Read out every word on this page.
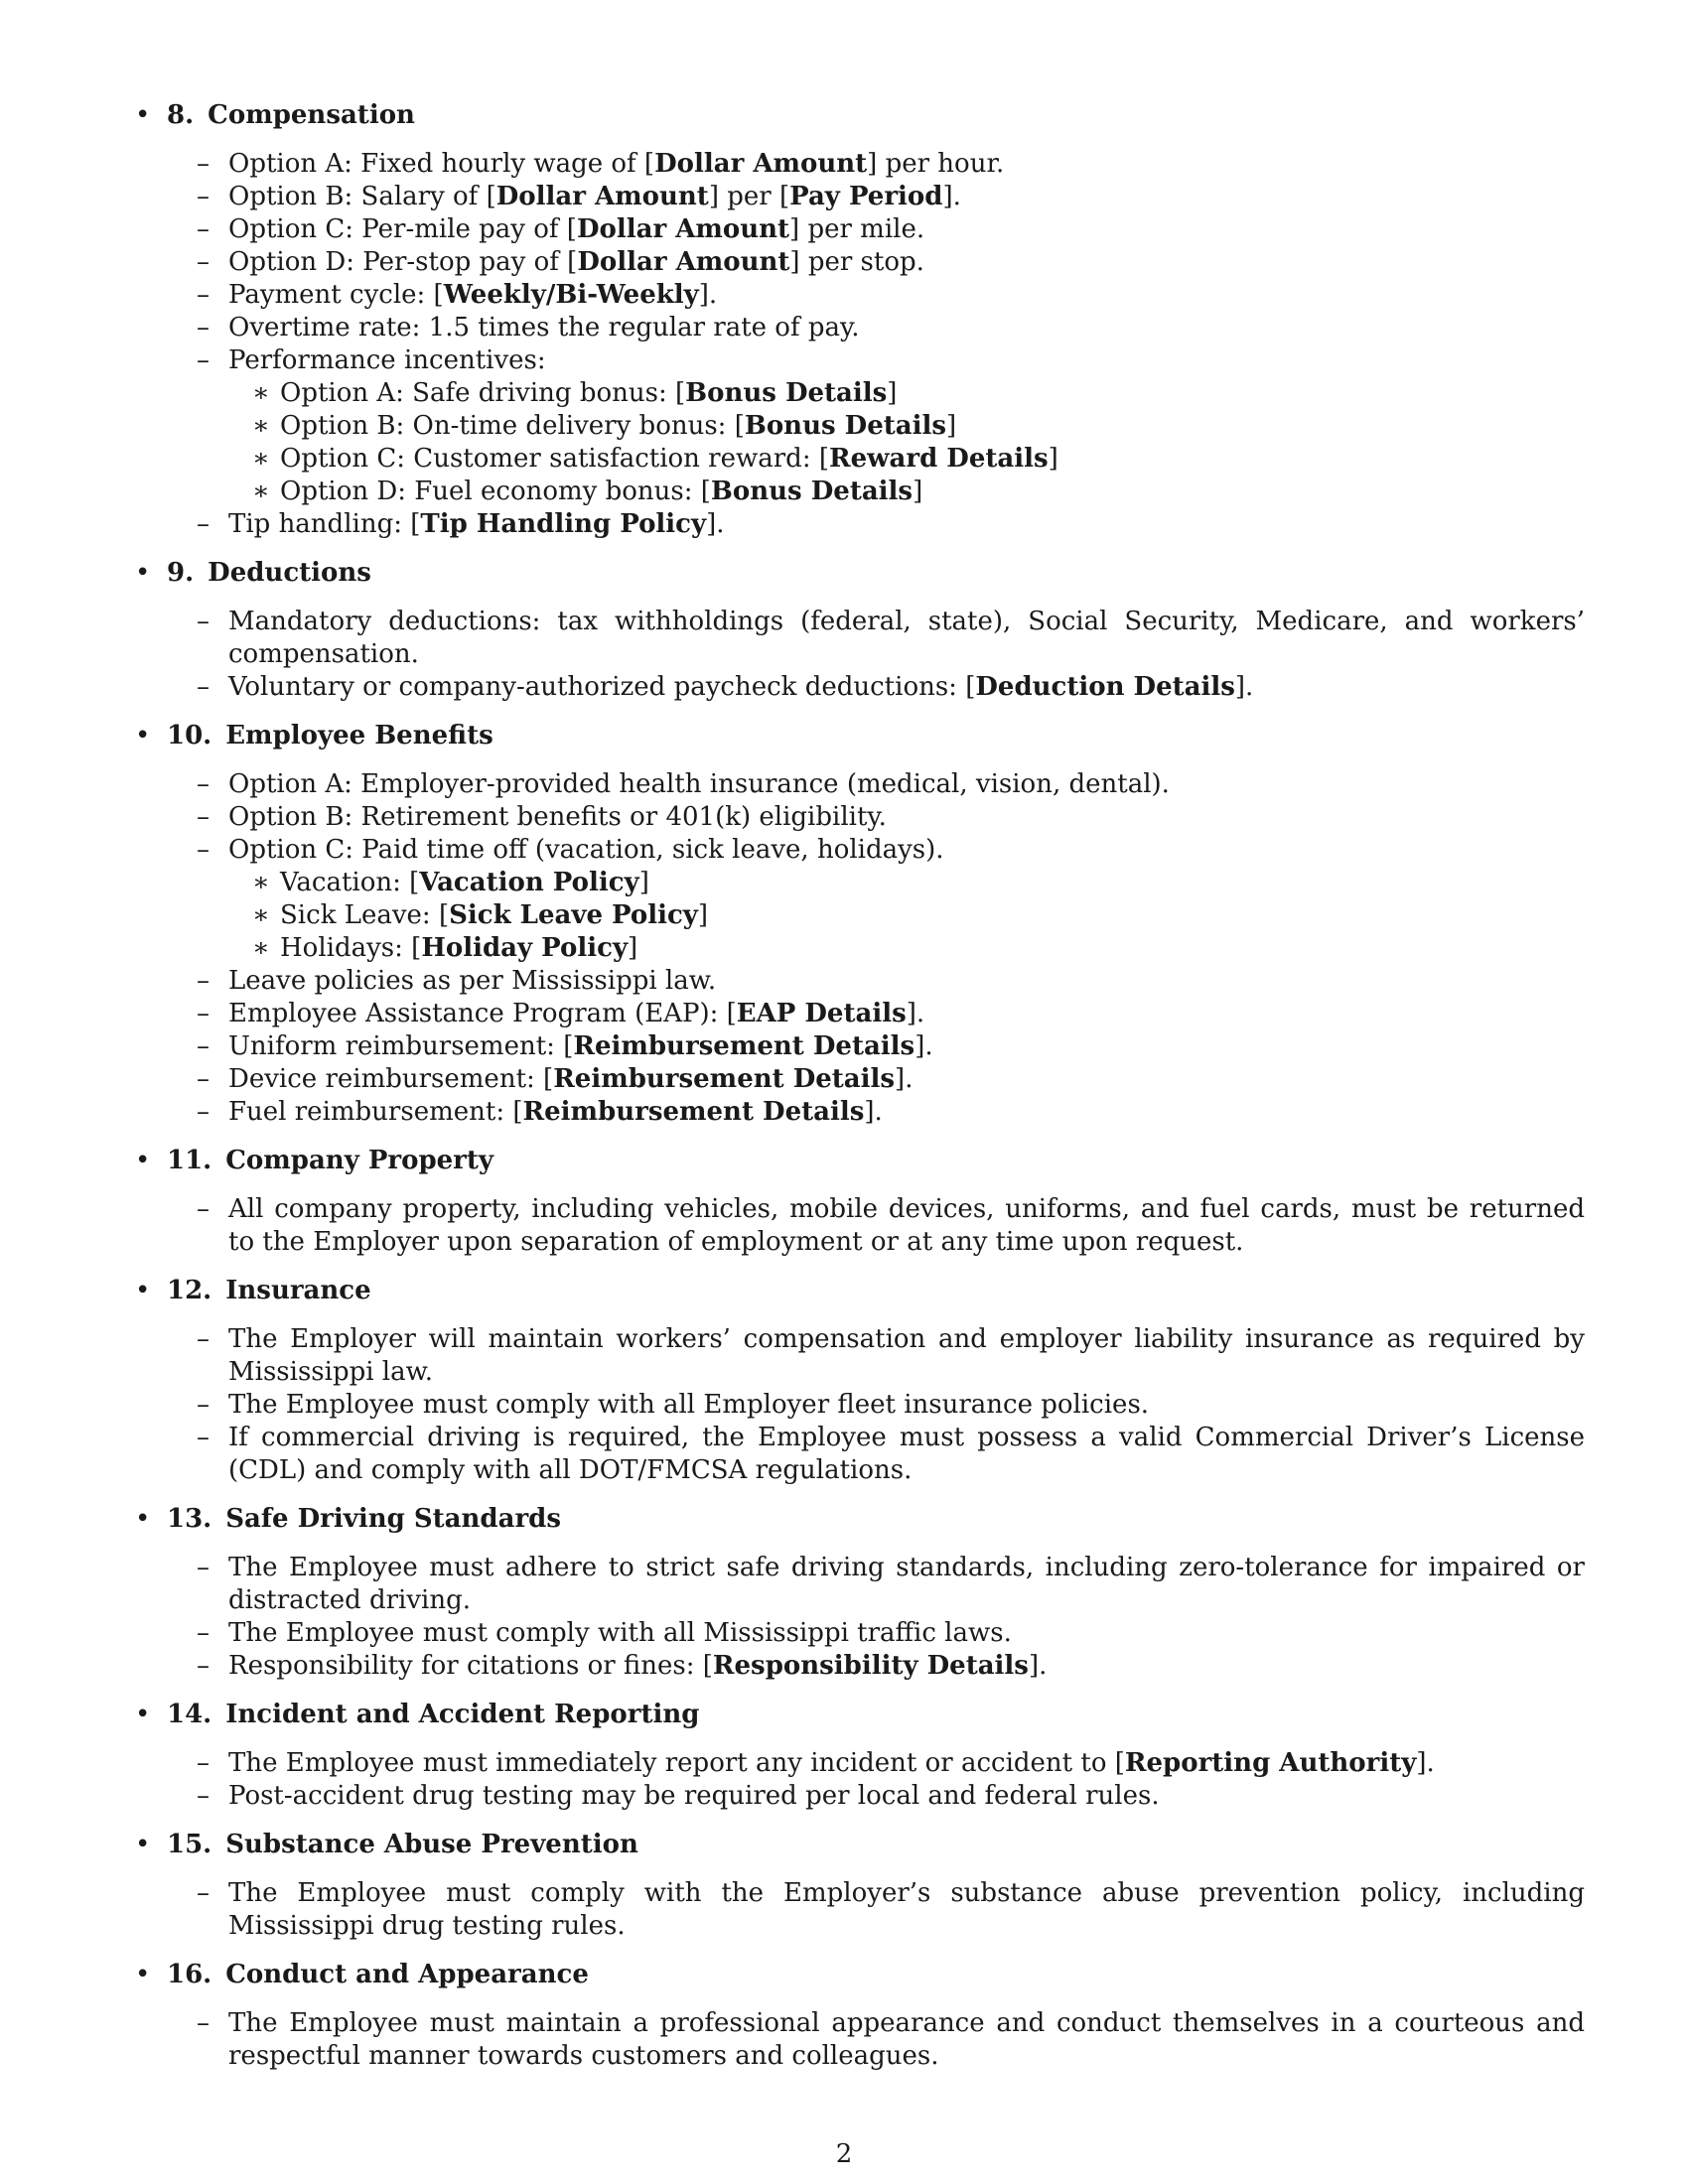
• 8. Compensation
– Option A: Fixed hourly wage of [Dollar Amount] per hour.
– Option B: Salary of [Dollar Amount] per [Pay Period].
– Option C: Per-mile pay of [Dollar Amount] per mile.
– Option D: Per-stop pay of [Dollar Amount] per stop.
– Payment cycle: [Weekly/Bi-Weekly].
– Overtime rate: 1.5 times the regular rate of pay.
– Performance incentives:
∗ Option A: Safe driving bonus: [Bonus Details]
∗ Option B: On-time delivery bonus: [Bonus Details]
∗ Option C: Customer satisfaction reward: [Reward Details]
∗ Option D: Fuel economy bonus: [Bonus Details]
– Tip handling: [Tip Handling Policy].
• 9. Deductions
– Mandatory deductions: tax withholdings (federal, state), Social Security, Medicare, and workers’ compensation.
– Voluntary or company-authorized paycheck deductions: [Deduction Details].
• 10. Employee Benefits
– Option A: Employer-provided health insurance (medical, vision, dental).
– Option B: Retirement benefits or 401(k) eligibility.
– Option C: Paid time off (vacation, sick leave, holidays).
∗ Vacation: [Vacation Policy]
∗ Sick Leave: [Sick Leave Policy]
∗ Holidays: [Holiday Policy]
– Leave policies as per Mississippi law.
– Employee Assistance Program (EAP): [EAP Details].
– Uniform reimbursement: [Reimbursement Details].
– Device reimbursement: [Reimbursement Details].
– Fuel reimbursement: [Reimbursement Details].
• 11. Company Property
– All company property, including vehicles, mobile devices, uniforms, and fuel cards, must be returned to the Employer upon separation of employment or at any time upon request.
• 12. Insurance
– The Employer will maintain workers’ compensation and employer liability insurance as required by Mississippi law.
– The Employee must comply with all Employer fleet insurance policies.
– If commercial driving is required, the Employee must possess a valid Commercial Driver’s License (CDL) and comply with all DOT/FMCSA regulations.
• 13. Safe Driving Standards
– The Employee must adhere to strict safe driving standards, including zero-tolerance for impaired or distracted driving.
– The Employee must comply with all Mississippi traffic laws.
– Responsibility for citations or fines: [Responsibility Details].
• 14. Incident and Accident Reporting
– The Employee must immediately report any incident or accident to [Reporting Authority].
– Post-accident drug testing may be required per local and federal rules.
• 15. Substance Abuse Prevention
– The Employee must comply with the Employer’s substance abuse prevention policy, including Mississippi drug testing rules.
• 16. Conduct and Appearance
– The Employee must maintain a professional appearance and conduct themselves in a courteous and respectful manner towards customers and colleagues.
2
